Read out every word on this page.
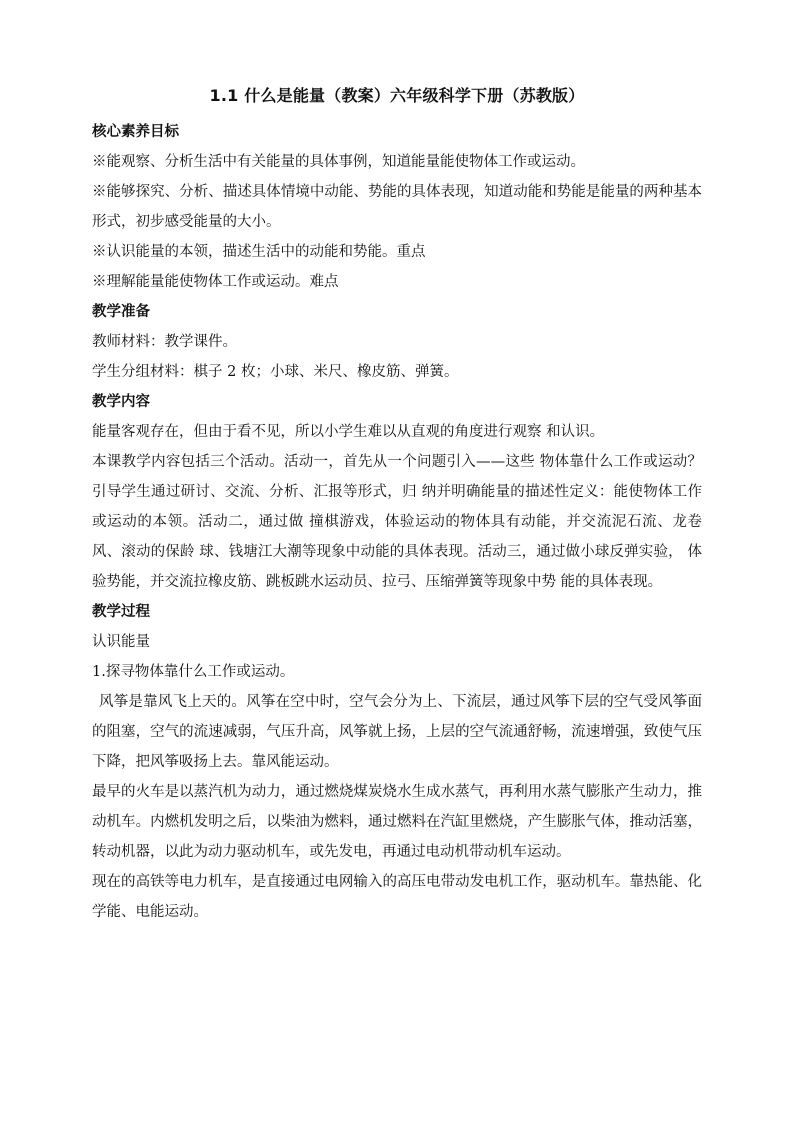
1.1 什么是能量（教案）六年级科学下册（苏教版）
核心素养目标
※能观察、分析生活中有关能量的具体事例，知道能量能使物体工作或运动。
※能够探究、分析、描述具体情境中动能、势能的具体表现，知道动能和势能是能量的两种基本形式，初步感受能量的大小。
※认识能量的本领，描述生活中的动能和势能。重点
※理解能量能使物体工作或运动。难点
教学准备
教师材料：教学课件。
学生分组材料：棋子 2 枚；小球、米尺、橡皮筋、弹簧。
教学内容
能量客观存在，但由于看不见，所以小学生难以从直观的角度进行观察 和认识。
本课教学内容包括三个活动。活动一，首先从一个问题引入——这些 物体靠什么工作或运动？引导学生通过研讨、交流、分析、汇报等形式，归 纳并明确能量的描述性定义：能使物体工作或运动的本领。活动二，通过做 撞棋游戏，体验运动的物体具有动能，并交流泥石流、龙卷风、滚动的保龄 球、钱塘江大潮等现象中动能的具体表现。活动三，通过做小球反弹实验， 体验势能，并交流拉橡皮筋、跳板跳水运动员、拉弓、压缩弹簧等现象中势 能的具体表现。
教学过程
认识能量
1.探寻物体靠什么工作或运动。
风筝是靠风飞上天的。风筝在空中时，空气会分为上、下流层，通过风筝下层的空气受风筝面的阻塞，空气的流速减弱，气压升高，风筝就上扬，上层的空气流通舒畅，流速增强，致使气压下降，把风筝吸扬上去。靠风能运动。
最早的火车是以蒸汽机为动力，通过燃烧煤炭烧水生成水蒸气，再利用水蒸气膨胀产生动力，推动机车。内燃机发明之后，以柴油为燃料，通过燃料在汽缸里燃烧，产生膨胀气体，推动活塞，转动机器，以此为动力驱动机车，或先发电，再通过电动机带动机车运动。
现在的高铁等电力机车，是直接通过电网输入的高压电带动发电机工作，驱动机车。靠热能、化学能、电能运动。
